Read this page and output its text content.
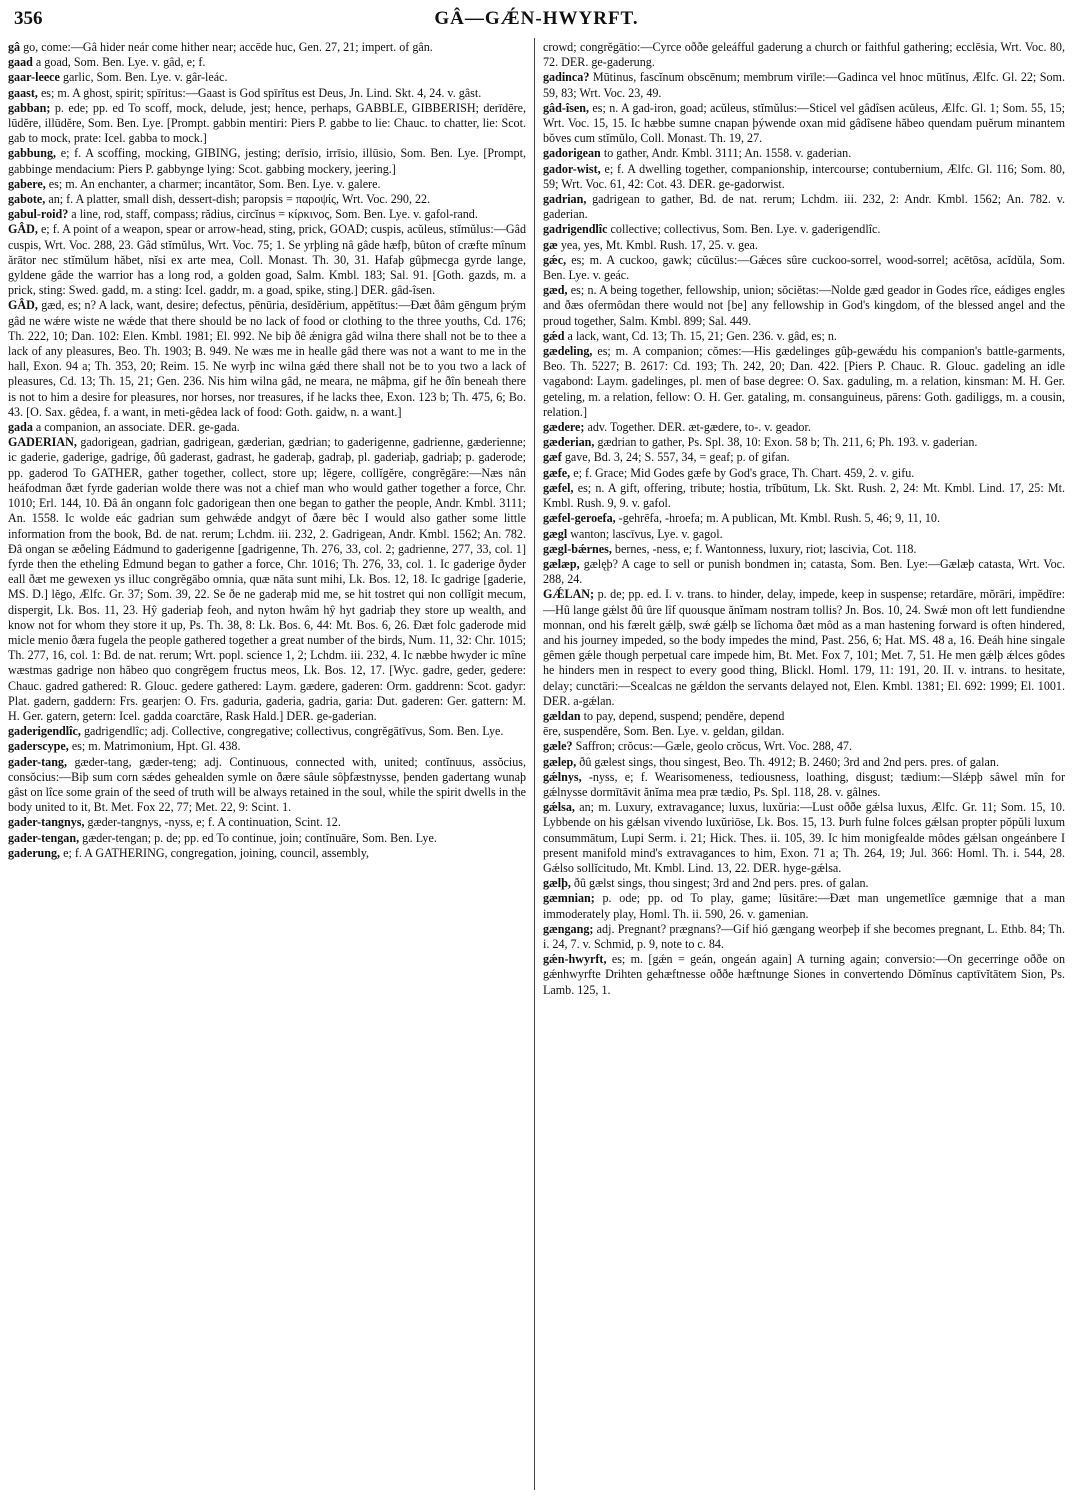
356	GÂ—GǼN-HWYRFT.

gâ go, come:—Gâ hider neár come hither near; accēde huc, Gen. 27, 21; impert. of gân.

gaad a goad, Som. Ben. Lye. v. gâd, e; f.

gaar-leece garlic, Som. Ben. Lye. v. gâr-leác.

gaast, es; m. A ghost, spirit; spīritus:—Gaast is God spīrĭtus est Deus, Jn. Lind. Skt. 4, 24. v. gâst.

gabban; p. ede; pp. ed To scoff, mock, delude, jest; hence, perhaps, GABBLE, GIBBERISH; derīdēre, lūdĕre, illūdĕre, Som. Ben. Lye. [Prompt. gabbin mentiri: Piers P. gabbe to lie: Chauc. to chatter, lie: Scot. gab to mock, prate: Icel. gabba to mock.]

gabbung, e; f. A scoffing, mocking, GIBING, jesting; derīsio, irrīsio, illūsio, Som. Ben. Lye. [Prompt, gabbinge mendacium: Piers P. gabbynge lying: Scot. gabbing mockery, jeering.]

gabere, es; m. An enchanter, a charmer; incantātor, Som. Ben. Lye. v. galere.

gabote, an; f. A platter, small dish, dessert-dish; paropsis = παροψίς, Wrt. Voc. 290, 22.

gabul-roid? a line, rod, staff, compass; rădius, circĭnus = κίρκινος, Som. Ben. Lye. v. gafol-rand.

GÂD, e; f. A point of a weapon, spear or arrow-head, sting, prick, GOAD; cuspis, acŭleus, stĭmŭlus:—Gâd cuspis, Wrt. Voc. 288, 23. Gâd stĭmŭlus, Wrt. Voc. 75; 1. Se yrþling nâ gâde hæfþ, bûton of cræfte mînum ărātor nec stĭmŭlum hăbet, nĭsi ex arte mea, Coll. Monast. Th. 30, 31. Hafaþ gûþmecga gyrde lange, gyldene gâde the warrior has a long rod, a golden goad, Salm. Kmbl. 183; Sal. 91. [Goth. gazds, m. a prick, sting: Swed. gadd, m. a sting: Icel. gaddr, m. a goad, spike, sting.] DER. gâd-îsen.

GÂD, gæd, es; n? A lack, want, desire; defectus, pēnūria, desīdĕrium, appĕtītus:—Ðæt ðâm gēngum þrým gâd ne wǽre wiste ne wǽde that there should be no lack of food or clothing to the three youths, Cd. 176; Th. 222, 10; Dan. 102: Elen. Kmbl. 1981; El. 992. Ne biþ ðê ǽnigra gâd wilna there shall not be to thee a lack of any pleasures, Beo. Th. 1903; B. 949. Ne wæs me in healle gâd there was not a want to me in the hall, Exon. 94 a; Th. 353, 20; Reim. 15. Ne wyrþ inc wilna gǽd there shall not be to you two a lack of pleasures, Cd. 13; Th. 15, 21; Gen. 236. Nis him wilna gâd, ne meara, ne mâþma, gif he ðîn beneah there is not to him a desire for pleasures, nor horses, nor treasures, if he lacks thee, Exon. 123 b; Th. 475, 6; Bo. 43. [O. Sax. gêdea, f. a want, in meti-gêdea lack of food: Goth. gaidw, n. a want.]

gada a companion, an associate. DER. ge-gada.

GADERIAN, gadorigean, gadrian, gadrigean, gæderian, gædrian; to gaderigenne, gadrienne, gæderienne; ic gaderie, gaderige, gadrige, ðû gaderast, gadrast, he gaderaþ, gadraþ, pl. gaderiaþ, gadriaþ; p. gaderode; pp. gaderod To GATHER, gather together, collect, store up; lĕgere, collĭgĕre, congrĕgāre:—Næs nân heáfodman ðæt fyrde gaderian wolde there was not a chief man who would gather together a force, Chr. 1010; Erl. 144, 10. Ðâ ân ongann folc gadorigean then one began to gather the people, Andr. Kmbl. 3111; An. 1558. Ic wolde eác gadrian sum gehwǽde andgyt of ðære bêc I would also gather some little information from the book, Bd. de nat. rerum; Lchdm. iii. 232, 2. Gadrigean, Andr. Kmbl. 1562; An. 782. Ðâ ongan se æðeling Eádmund to gaderigenne [gadrigenne, Th. 276, 33, col. 2; gadrienne, 277, 33, col. 1] fyrde then the etheling Edmund began to gather a force, Chr. 1016; Th. 276, 33, col. 1. Ic gaderige ðyder eall ðæt me gewexen ys illuc congrĕgābo omnia, quæ nāta sunt mihi, Lk. Bos. 12, 18. Ic gadrige [gaderie, MS. D.] lĕgo, Ælfc. Gr. 37; Som. 39, 22. Se ðe ne gaderaþ mid me, se hit tostret qui non collĭgit mecum, dispergit, Lk. Bos. 11, 23. Hŷ gaderiaþ feoh, and nyton hwâm hŷ hyt gadriaþ they store up wealth, and know not for whom they store it up, Ps. Th. 38, 8: Lk. Bos. 6, 44: Mt. Bos. 6, 26. Ðæt folc gaderode mid micle menio ðæra fugela the people gathered together a great number of the birds, Num. 11, 32: Chr. 1015; Th. 277, 16, col. 1: Bd. de nat. rerum; Wrt. popl. science 1, 2; Lchdm. iii. 232, 4. Ic næbbe hwyder ic mîne wæstmas gadrige non hăbeo quo congrĕgem fructus meos, Lk. Bos. 12, 17. [Wyc. gadre, geder, gedere: Chauc. gadred gathered: R. Glouc. gedere gathered: Laym. gædere, gaderen: Orm. gaddrenn: Scot. gadyr: Plat. gadern, gaddern: Frs. gearjen: O. Frs. gaduria, gaderia, gadria, garia: Dut. gaderen: Ger. gattern: M. H. Ger. gatern, getern: Icel. gadda coarctāre, Rask Hald.] DER. ge-gaderian.

gaderigendlîc, gadrigendlîc; adj. Collective, congregative; collectivus, congrĕgātīvus, Som. Ben. Lye.

gaderscype, es; m. Matrimonium, Hpt. Gl. 438.

gader-tang, gæder-tang, gæder-teng; adj. Continuous, connected with, united; contĭnuus, assŏcius, consŏcius:—Biþ sum corn sǽdes gehealden symle on ðære sâule sôþfæstnysse, þenden gadertang wunaþ gâst on lîce some grain of the seed of truth will be always retained in the soul, while the spirit dwells in the body united to it, Bt. Met. Fox 22, 77; Met. 22, 9: Scint. 1.

gader-tangnys, gæder-tangnys, -nyss, e; f. A continuation, Scint. 12.

gader-tengan, gæder-tengan; p. de; pp. ed To continue, join; contĭnuāre, Som. Ben. Lye.

gaderung, e; f. A GATHERING, congregation, joining, council, assembly,

crowd; congrĕgātio:—Cyrce oððe geleáfful gaderung a church or faithful gathering; ecclēsia, Wrt. Voc. 80, 72. DER. ge-gaderung.

gadinca? Mūtinus, fascĭnum obscēnum; membrum virīle:—Gadinca vel hnoc mūtĭnus, Ælfc. Gl. 22; Som. 59, 83; Wrt. Voc. 23, 49.

gâd-îsen, es; n. A gad-iron, goad; acŭleus, stĭmŭlus:—Sticel vel gâdîsen acŭleus, Ælfc. Gl. 1; Som. 55, 15; Wrt. Voc. 15, 15. Ic hæbbe sumne cnapan þýwende oxan mid gâdîsene hăbeo quendam puĕrum minantem bŏves cum stĭmŭlo, Coll. Monast. Th. 19, 27.

gadorigean to gather, Andr. Kmbl. 3111; An. 1558. v. gaderian.

gador-wist, e; f. A dwelling together, companionship, intercourse; contubernium, Ælfc. Gl. 116; Som. 80, 59; Wrt. Voc. 61, 42: Cot. 43. DER. ge-gadorwist.

gadrian, gadrigean to gather, Bd. de nat. rerum; Lchdm. iii. 232, 2: Andr. Kmbl. 1562; An. 782. v. gaderian.

gadrigendlîc collective; collectivus, Som. Ben. Lye. v. gaderigendlîc.

gæ yea, yes, Mt. Kmbl. Rush. 17, 25. v. gea.

gǽc, es; m. A cuckoo, gawk; cŭcūlus:—Gǽces sûre cuckoo-sorrel, wood-sorrel; acētōsa, acĭdŭla, Som. Ben. Lye. v. geác.

gæd, es; n. A being together, fellowship, union; sŏciĕtas:—Nolde gæd geador in Godes rîce, eádiges engles and ðæs ofermôdan there would not [be] any fellowship in God's kingdom, of the blessed angel and the proud together, Salm. Kmbl. 899; Sal. 449.

gǽd a lack, want, Cd. 13; Th. 15, 21; Gen. 236. v. gâd, es; n.

gædeling, es; m. A companion; cŏmes:—His gædelinges gûþ-gewǽdu his companion's battle-garments, Beo. Th. 5227; B. 2617: Cd. 193; Th. 242, 20; Dan. 422. [Piers P. Chauc. R. Glouc. gadeling an idle vagabond: Laym. gadelinges, pl. men of base degree: O. Sax. gaduling, m. a relation, kinsman: M. H. Ger. geteling, m. a relation, fellow: O. H. Ger. gataling, m. consanguineus, pārens: Goth. gadiliggs, m. a cousin, relation.]

gædere; adv. Together. DER. æt-gædere, to-. v. geador.

gæderian, gædrian to gather, Ps. Spl. 38, 10: Exon. 58 b; Th. 211, 6; Ph. 193. v. gaderian.

gæf gave, Bd. 3, 24; S. 557, 34, = geaf; p. of gifan.

gæfe, e; f. Grace; Mid Godes gæfe by God's grace, Th. Chart. 459, 2. v. gifu.

gæfel, es; n. A gift, offering, tribute; hostia, trĭbūtum, Lk. Skt. Rush. 2, 24: Mt. Kmbl. Lind. 17, 25: Mt. Kmbl. Rush. 9, 9. v. gafol.

gæfel-geroefa, -gehrēfa, -hroefa; m. A publican, Mt. Kmbl. Rush. 5, 46; 9, 11, 10.

gægl wanton; lascīvus, Lye. v. gagol.

gægl-bǽrnes, bernes, -ness, e; f. Wantonness, luxury, riot; lascivia, Cot. 118.

gælæp, gælęþ? A cage to sell or punish bondmen in; catasta, Som. Ben. Lye:—Gælæþ catasta, Wrt. Voc. 288, 24.

GǼLAN; p. de; pp. ed. I. v. trans. to hinder, delay, impede, keep in suspense; retardāre, mŏrāri, impĕdīre:—Hû lange gǽlst ðû ûre lîf quousque ănĭmam nostram tollis? Jn. Bos. 10, 24. Swǽ mon oft lett fundiendne monnan, ond his færelt gǽlþ, swǽ gǽlþ se lîchoma ðæt môd as a man hastening forward is often hindered, and his journey impeded, so the body impedes the mind, Past. 256, 6; Hat. MS. 48 a, 16. Ðeáh hine singale gêmen gǽle though perpetual care impede him, Bt. Met. Fox 7, 101; Met. 7, 51. He men gǽlþ ǽlces gôdes he hinders men in respect to every good thing, Blickl. Homl. 179, 11: 191, 20. II. v. intrans. to hesitate, delay; cunctāri:—Scealcas ne gǽldon the servants delayed not, Elen. Kmbl. 1381; El. 692: 1999; El. 1001. DER. a-gǽlan.

gældan to pay, depend, suspend; pendĕre, depend

ēre, suspendĕre, Som. Ben. Lye. v. geldan, gildan.

gæle? Saffron; crŏcus:—Gæle, geolo crŏcus, Wrt. Voc. 288, 47.

gælep, ðû gælest sings, thou singest, Beo. Th. 4912; B. 2460; 3rd and 2nd pers. pres. of galan.

gǽlnys, -nyss, e; f. Wearisomeness, tediousness, loathing, disgust; tædium:—Slǽpþ sâwel mîn for gǽlnysse dormītāvit ănĭma mea præ tædio, Ps. Spl. 118, 28. v. gâlnes.

gǽlsa, an; m. Luxury, extravagance; luxus, luxŭria:—Lust oððe gǽlsa luxus, Ælfc. Gr. 11; Som. 15, 10. Lybbende on his gǽlsan vivendo luxŭriōse, Lk. Bos. 15, 13. Þurh fulne folces gǽlsan propter pŏpŭli luxum consummātum, Lupi Serm. i. 21; Hick. Thes. ii. 105, 39. Ic him monigfealde môdes gǽlsan ongeánbere I present manifold mind's extravagances to him, Exon. 71 a; Th. 264, 19; Jul. 366: Homl. Th. i. 544, 28. Gǽlso sollĭcitudo, Mt. Kmbl. Lind. 13, 22. DER. hyge-gǽlsa.

gælþ, ðû gælst sings, thou singest; 3rd and 2nd pers. pres. of galan.

gæmnian; p. ode; pp. od To play, game; lūsitāre:—Ðæt man ungemetlîce gæmnige that a man immoderately play, Homl. Th. ii. 590, 26. v. gamenian.

gængang; adj. Pregnant? prægnans?—Gif hió gængang weorþeþ if she becomes pregnant, L. Ethb. 84; Th. i. 24, 7. v. Schmid, p. 9, note to c. 84.

gǽn-hwyrft, es; m. [gǽn = geán, ongeán again] A turning again; conversio:—On gecerringe oððe on gǽnhwyrfte Drihten gehæftnesse oððe hæftnunge Siones in convertendo Dŏmĭnus captīvĭtātem Sion, Ps. Lamb. 125, 1.
